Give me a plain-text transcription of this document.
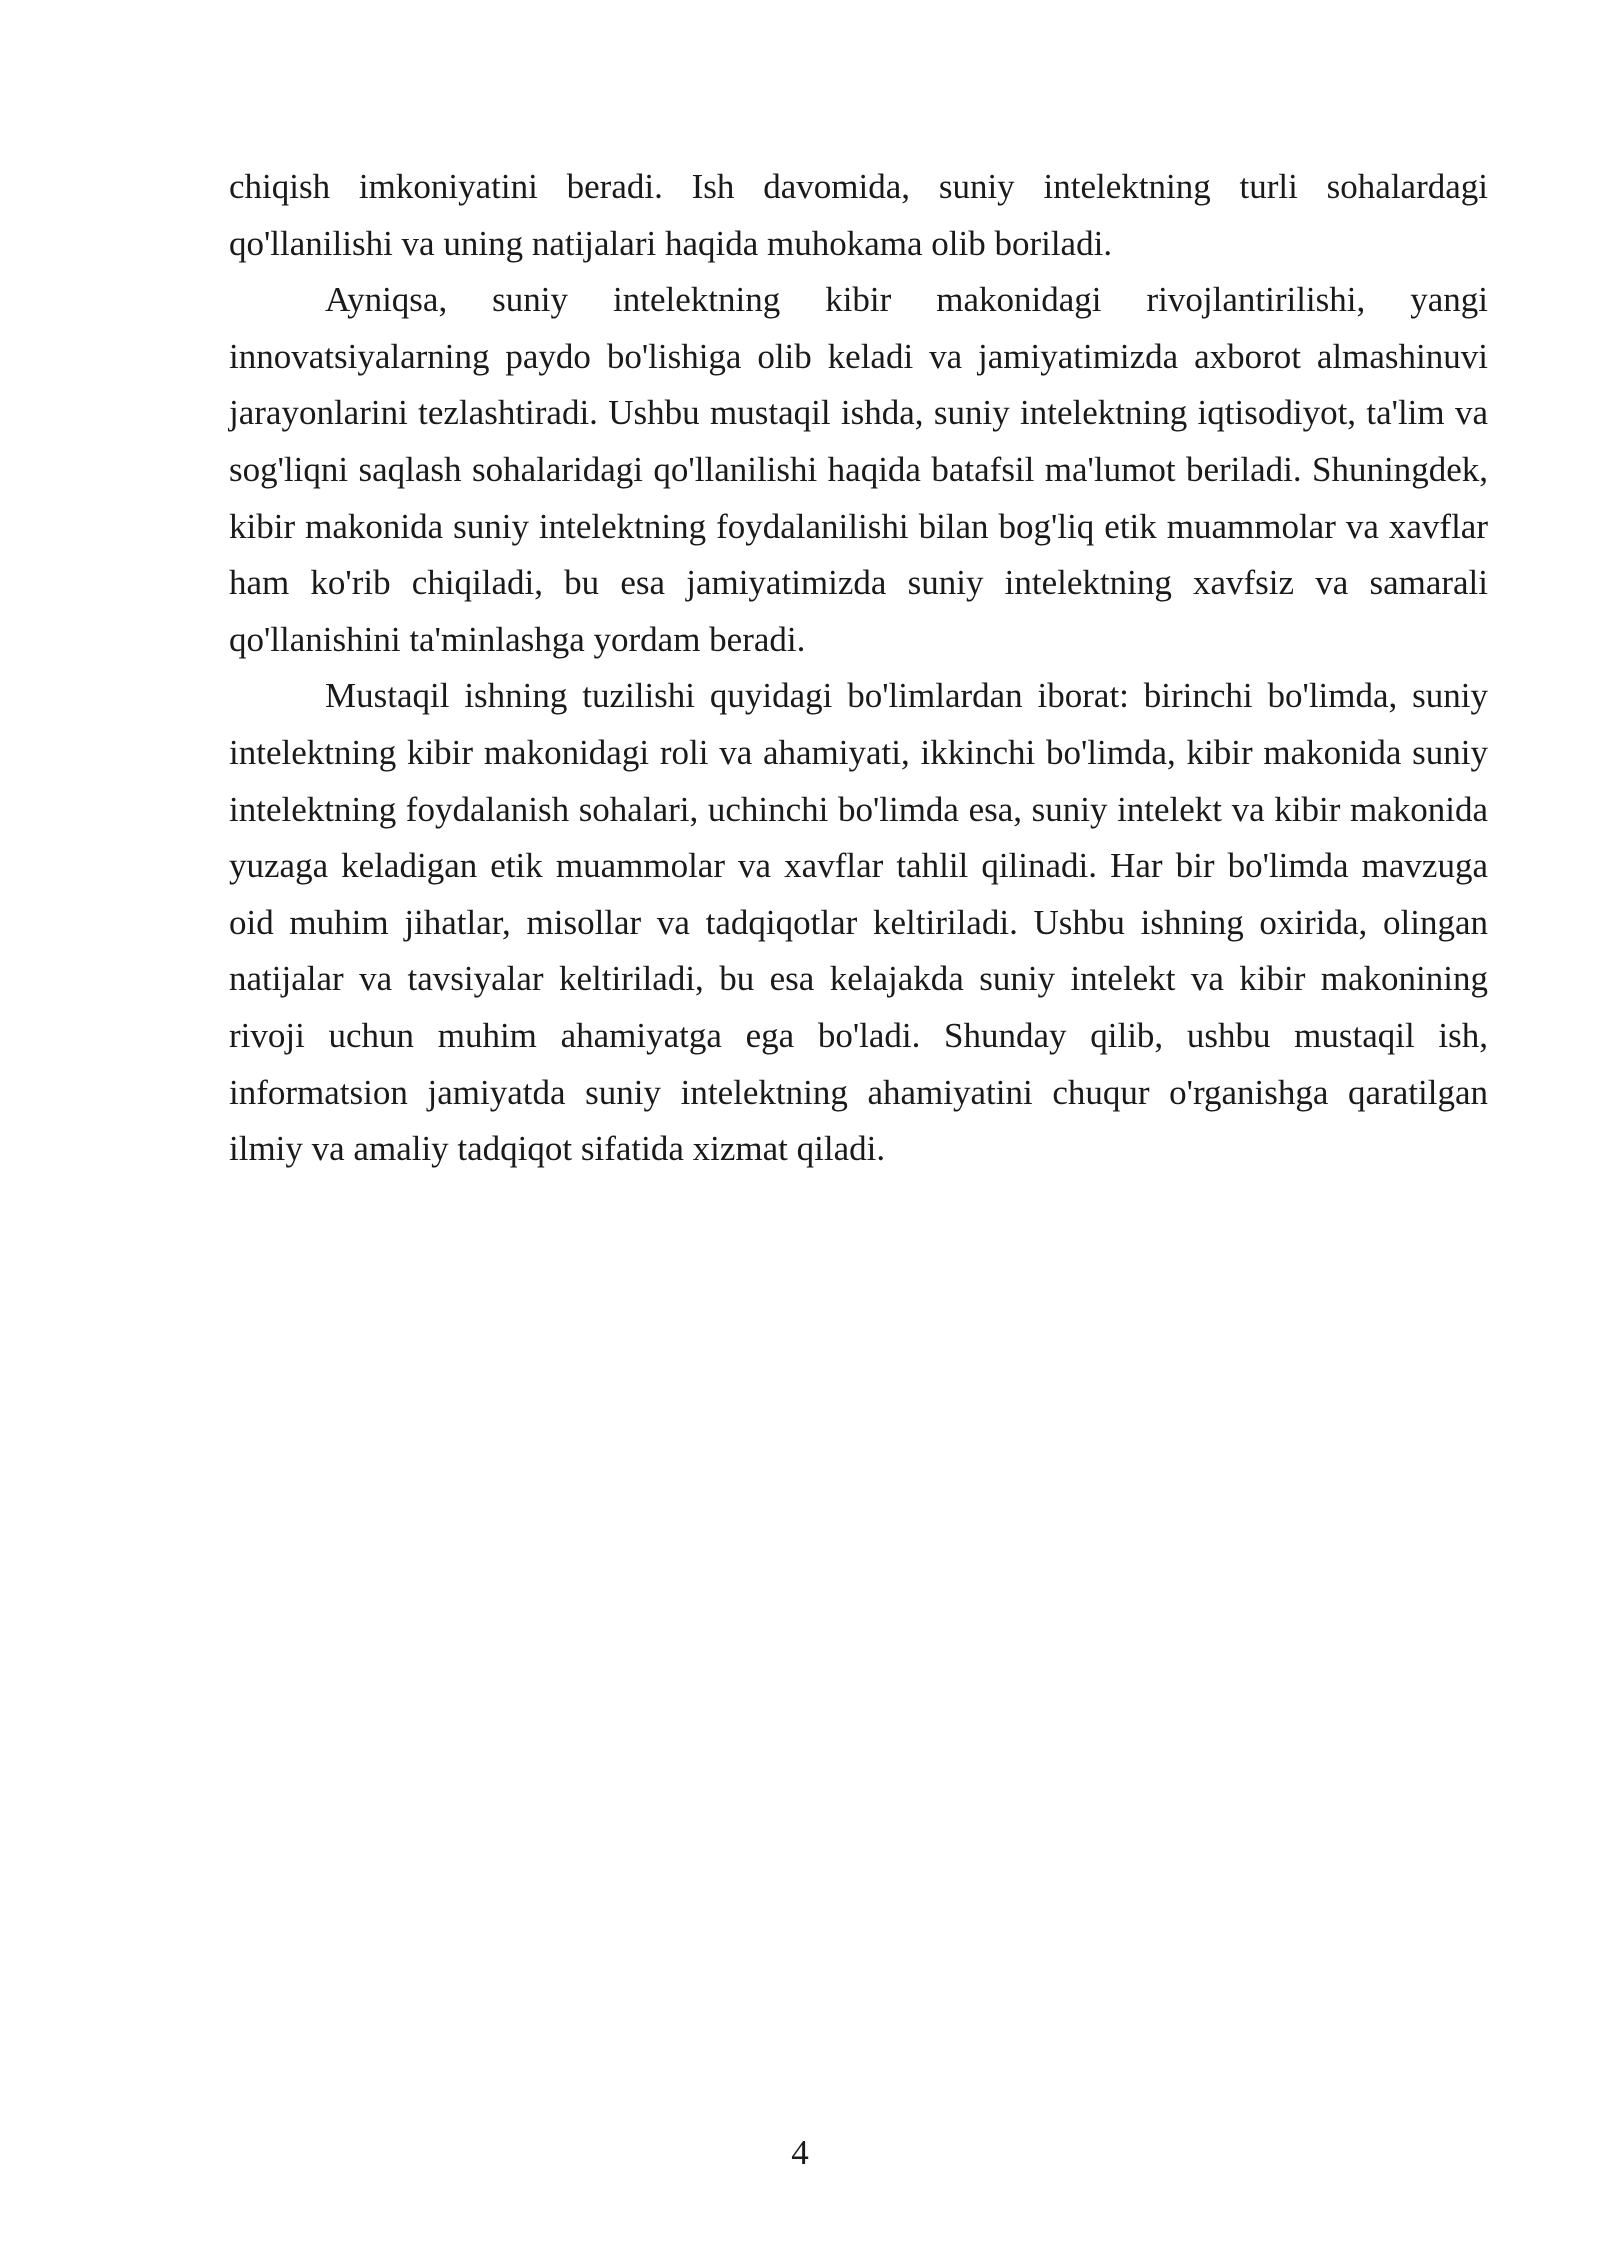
chiqish imkoniyatini beradi. Ish davomida, suniy intelektning turli sohalardagi qo'llanilishi va uning natijalari haqida muhokama olib boriladi.

Ayniqsa, suniy intelektning kibir makonidagi rivojlantirilishi, yangi innovatsiyalarning paydo bo'lishiga olib keladi va jamiyatimizda axborot almashinuvi jarayonlarini tezlashtiradi. Ushbu mustaqil ishda, suniy intelektning iqtisodiyot, ta'lim va sog'liqni saqlash sohalaridagi qo'llanilishi haqida batafsil ma'lumot beriladi. Shuningdek, kibir makonida suniy intelektning foydalanilishi bilan bog'liq etik muammolar va xavflar ham ko'rib chiqiladi, bu esa jamiyatimizda suniy intelektning xavfsiz va samarali qo'llanishini ta'minlashga yordam beradi.

Mustaqil ishning tuzilishi quyidagi bo'limlardan iborat: birinchi bo'limda, suniy intelektning kibir makonidagi roli va ahamiyati, ikkinchi bo'limda, kibir makonida suniy intelektning foydalanish sohalari, uchinchi bo'limda esa, suniy intelekt va kibir makonida yuzaga keladigan etik muammolar va xavflar tahlil qilinadi. Har bir bo'limda mavzuga oid muhim jihatlar, misollar va tadqiqotlar keltiriladi. Ushbu ishning oxirida, olingan natijalar va tavsiyalar keltiriladi, bu esa kelajakda suniy intelekt va kibir makonining rivoji uchun muhim ahamiyatga ega bo'ladi. Shunday qilib, ushbu mustaqil ish, informatsion jamiyatda suniy intelektning ahamiyatini chuqur o'rganishga qaratilgan ilmiy va amaliy tadqiqot sifatida xizmat qiladi.

4
